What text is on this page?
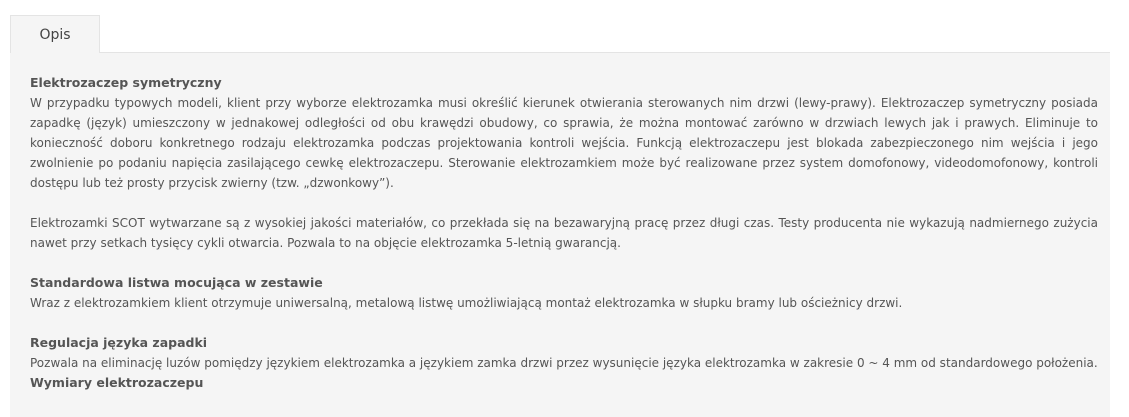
Opis

Elektrozaczep symetryczny

W przypadku typowych modeli, klient przy wyborze elektrozamka musi określić kierunek otwierania sterowanych nim drzwi (lewy-prawy). Elektrozaczep symetryczny posiada zapadkę (język) umieszczony w jednakowej odległości od obu krawędzi obudowy, co sprawia, że można montować zarówno w drzwiach lewych jak i prawych. Eliminuje to konieczność doboru konkretnego rodzaju elektrozamka podczas projektowania kontroli wejścia. Funkcją elektrozaczepu jest blokada zabezpieczonego nim wejścia i jego zwolnienie po podaniu napięcia zasilającego cewkę elektrozaczepu. Sterowanie elektrozamkiem może być realizowane przez system domofonowy, videodomofonowy, kontroli dostępu lub też prosty przycisk zwierny (tzw. „dzwonkowy”).

Elektrozamki SCOT wytwarzane są z wysokiej jakości materiałów, co przekłada się na bezawaryjną pracę przez długi czas. Testy producenta nie wykazują nadmiernego zużycia nawet przy setkach tysięcy cykli otwarcia. Pozwala to na objęcie elektrozamka 5-letnią gwarancją.

Standardowa listwa mocująca w zestawie

Wraz z elektrozamkiem klient otrzymuje uniwersalną, metalową listwę umożliwiającą montaż elektrozamka w słupku bramy lub ościeżnicy drzwi.

Regulacja języka zapadki

Pozwala na eliminację luzów pomiędzy językiem elektrozamka a językiem zamka drzwi przez wysunięcie języka elektrozamka w zakresie 0 ~ 4 mm od standardowego położenia.

Wymiary elektrozaczepu
